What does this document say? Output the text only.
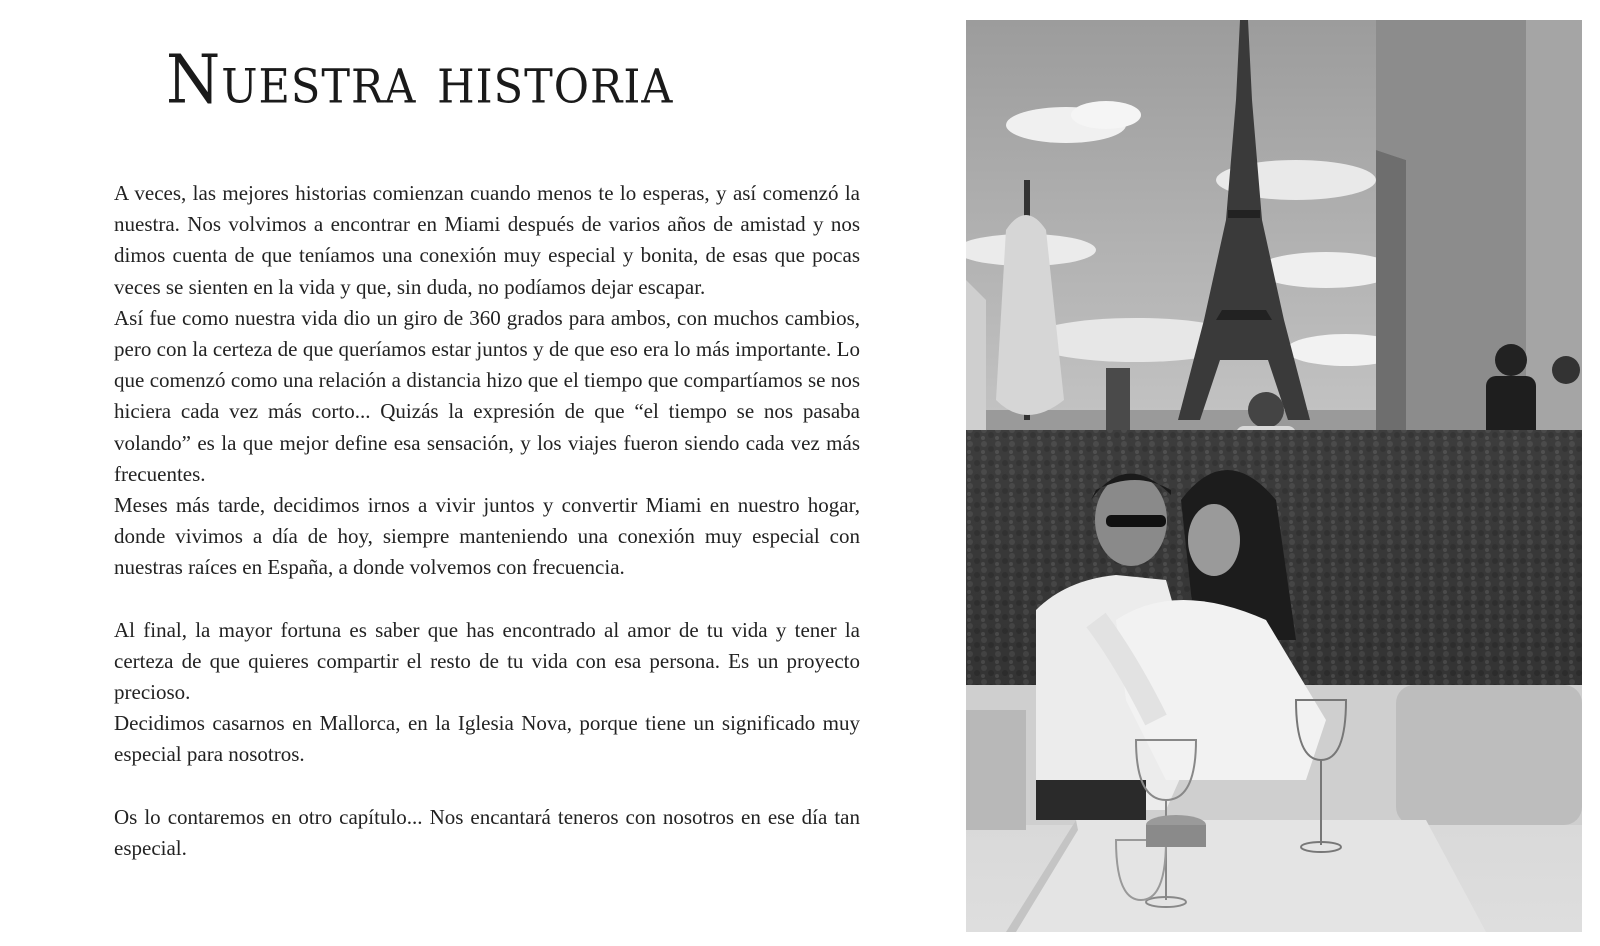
Nuestra historia

A veces, las mejores historias comienzan cuando menos te lo esperas, y así comenzó la nuestra. Nos volvimos a encontrar en Miami después de varios años de amistad y nos dimos cuenta de que teníamos una conexión muy especial y bonita, de esas que pocas veces se sienten en la vida y que, sin duda, no podíamos dejar escapar.

Así fue como nuestra vida dio un giro de 360 grados para ambos, con muchos cambios, pero con la certeza de que queríamos estar juntos y de que eso era lo más importante. Lo que comenzó como una relación a distancia hizo que el tiempo que compartíamos se nos hiciera cada vez más corto... Quizás la expresión de que “el tiempo se nos pasaba volando” es la que mejor define esa sensación, y los viajes fueron siendo cada vez más frecuentes.

Meses más tarde, decidimos irnos a vivir juntos y convertir Miami en nuestro hogar, donde vivimos a día de hoy, siempre manteniendo una conexión muy especial con nuestras raíces en España, a donde volvemos con frecuencia.

Al final, la mayor fortuna es saber que has encontrado al amor de tu vida y tener la certeza de que quieres compartir el resto de tu vida con esa persona. Es un proyecto precioso.

Decidimos casarnos en Mallorca, en la Iglesia Nova, porque tiene un significado muy especial para nosotros.

Os lo contaremos en otro capítulo... Nos encantará teneros con nosotros en ese día tan especial.
